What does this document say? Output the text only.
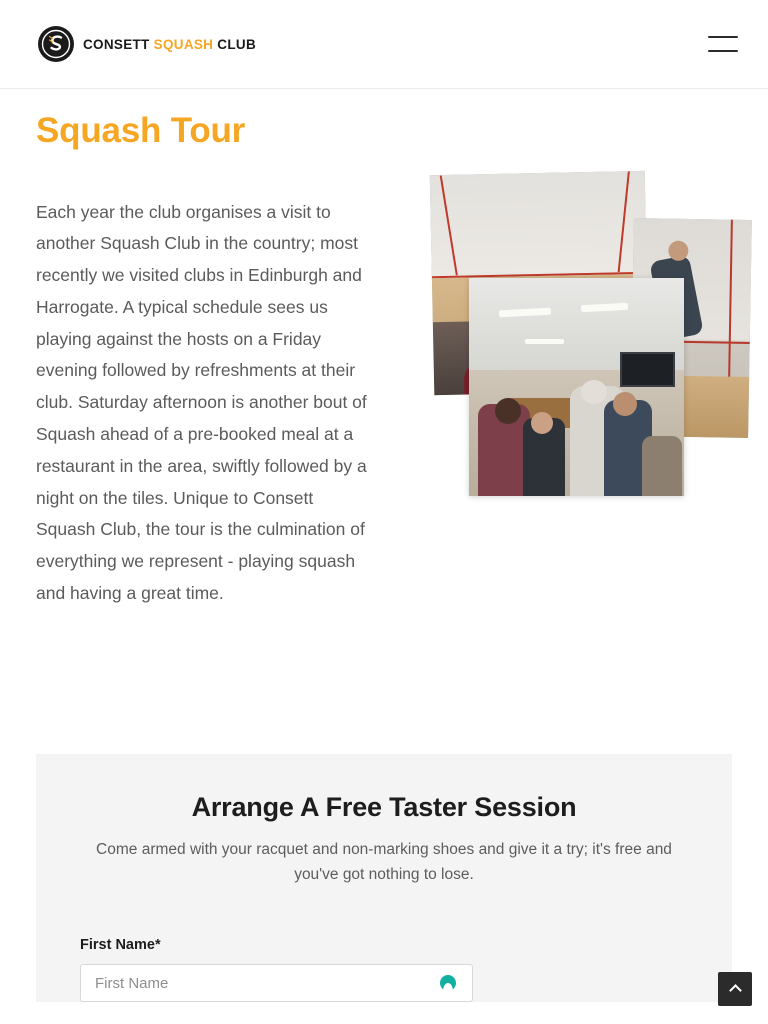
CONSETT SQUASH CLUB
Squash Tour

Each year the club organises a visit to another Squash Club in the country; most recently we visited clubs in Edinburgh and Harrogate. A typical schedule sees us playing against the hosts on a Friday evening followed by refreshments at their club. Saturday afternoon is another bout of Squash ahead of a pre-booked meal at a restaurant in the area, swiftly followed by a night on the tiles. Unique to Consett Squash Club, the tour is the culmination of everything we represent - playing squash and having a great time.

Arrange A Free Taster Session

Come armed with your racquet and non-marking shoes and give it a try; it's free and you've got nothing to lose.

First Name*
First Name
